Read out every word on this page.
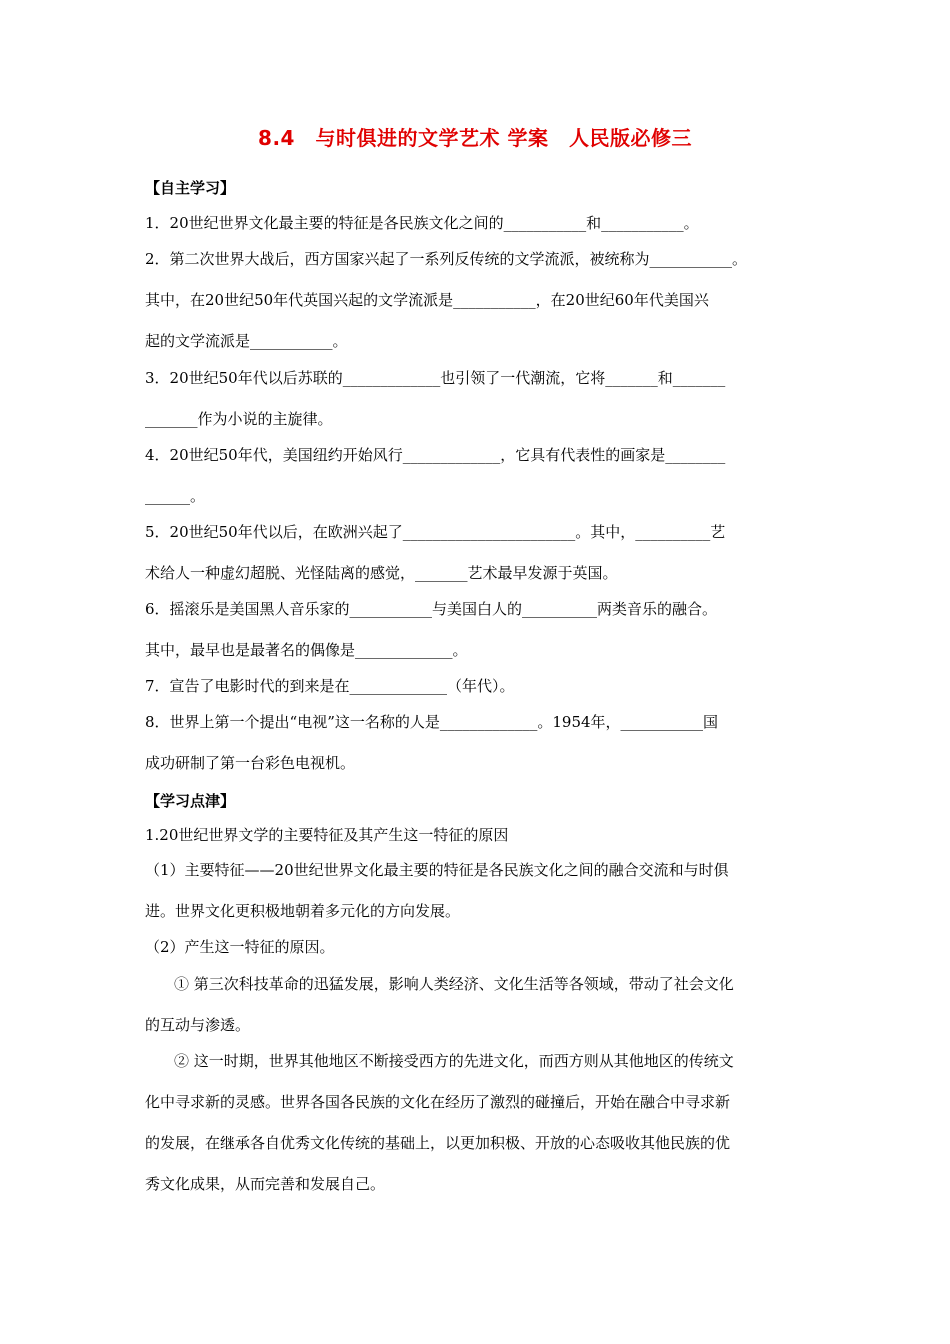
8.4　与时俱进的文学艺术 学案　人民版必修三
【自主学习】
1．20世纪世界文化最主要的特征是各民族文化之间的___________和___________。
2．第二次世界大战后，西方国家兴起了一系列反传统的文学流派，被统称为___________。
其中，在20世纪50年代英国兴起的文学流派是___________，在20世纪60年代美国兴
起的文学流派是___________。
3．20世纪50年代以后苏联的_____________也引领了一代潮流，它将_______和_______
_______作为小说的主旋律。
4．20世纪50年代，美国纽约开始风行_____________，它具有代表性的画家是________
______。
5．20世纪50年代以后，在欧洲兴起了_______________________。其中，__________艺
术给人一种虚幻超脱、光怪陆离的感觉，_______艺术最早发源于英国。
6．摇滚乐是美国黑人音乐家的___________与美国白人的__________两类音乐的融合。
其中，最早也是最著名的偶像是_____________。
7．宣告了电影时代的到来是在_____________（年代）。
8．世界上第一个提出“电视”这一名称的人是_____________。1954年，___________国
成功研制了第一台彩色电视机。
【学习点津】
1.20世纪世界文学的主要特征及其产生这一特征的原因
（1）主要特征——20世纪世界文化最主要的特征是各民族文化之间的融合交流和与时俱
进。世界文化更积极地朝着多元化的方向发展。
（2）产生这一特征的原因。
① 第三次科技革命的迅猛发展，影响人类经济、文化生活等各领域，带动了社会文化
的互动与渗透。
② 这一时期，世界其他地区不断接受西方的先进文化，而西方则从其他地区的传统文
化中寻求新的灵感。世界各国各民族的文化在经历了激烈的碰撞后，开始在融合中寻求新
的发展，在继承各自优秀文化传统的基础上，以更加积极、开放的心态吸收其他民族的优
秀文化成果，从而完善和发展自己。
